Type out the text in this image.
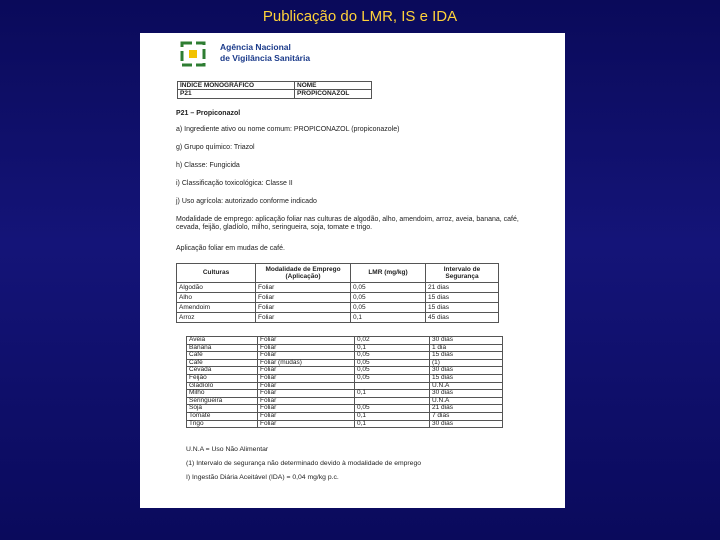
Publicação do LMR, IS e IDA
Agência Nacional
de Vigilância Sanitária
ÍNDICE MONOGRÁFICO	NOME
P21	PROPICONAZOL
P21 – Propiconazol
a) Ingrediente ativo ou nome comum: PROPICONAZOL (propiconazole)
g) Grupo químico: Triazol
h) Classe: Fungicida
i) Classificação toxicológica: Classe II
j) Uso agrícola: autorizado conforme indicado
Modalidade de emprego: aplicação foliar nas culturas de algodão, alho, amendoim, arroz, aveia, banana, café, cevada, feijão, gladíolo, milho, seringueira, soja, tomate e trigo.
Aplicação foliar em mudas de café.
Culturas	Modalidade de Emprego (Aplicação)	LMR (mg/kg)	Intervalo de Segurança
Algodão	Foliar	0,05	21 dias
Alho	Foliar	0,05	15 dias
Amendoim	Foliar	0,05	15 dias
Arroz	Foliar	0,1	45 dias
Aveia	Foliar	0,02	30 dias
Banana	Foliar	0,1	1 dia
Café	Foliar	0,05	15 dias
Café	Foliar (mudas)	0,05	(1)
Cevada	Foliar	0,05	30 dias
Feijão	Foliar	0,05	15 dias
Gladíolo	Foliar		U.N.A
Milho	Foliar	0,1	30 dias
Seringueira	Foliar		U.N.A
Soja	Foliar	0,05	21 dias
Tomate	Foliar	0,1	7 dias
Trigo	Foliar	0,1	30 dias
U.N.A = Uso Não Alimentar
(1) Intervalo de segurança não determinado devido à modalidade de emprego
I) Ingestão Diária Aceitável (IDA) = 0,04 mg/kg p.c.
